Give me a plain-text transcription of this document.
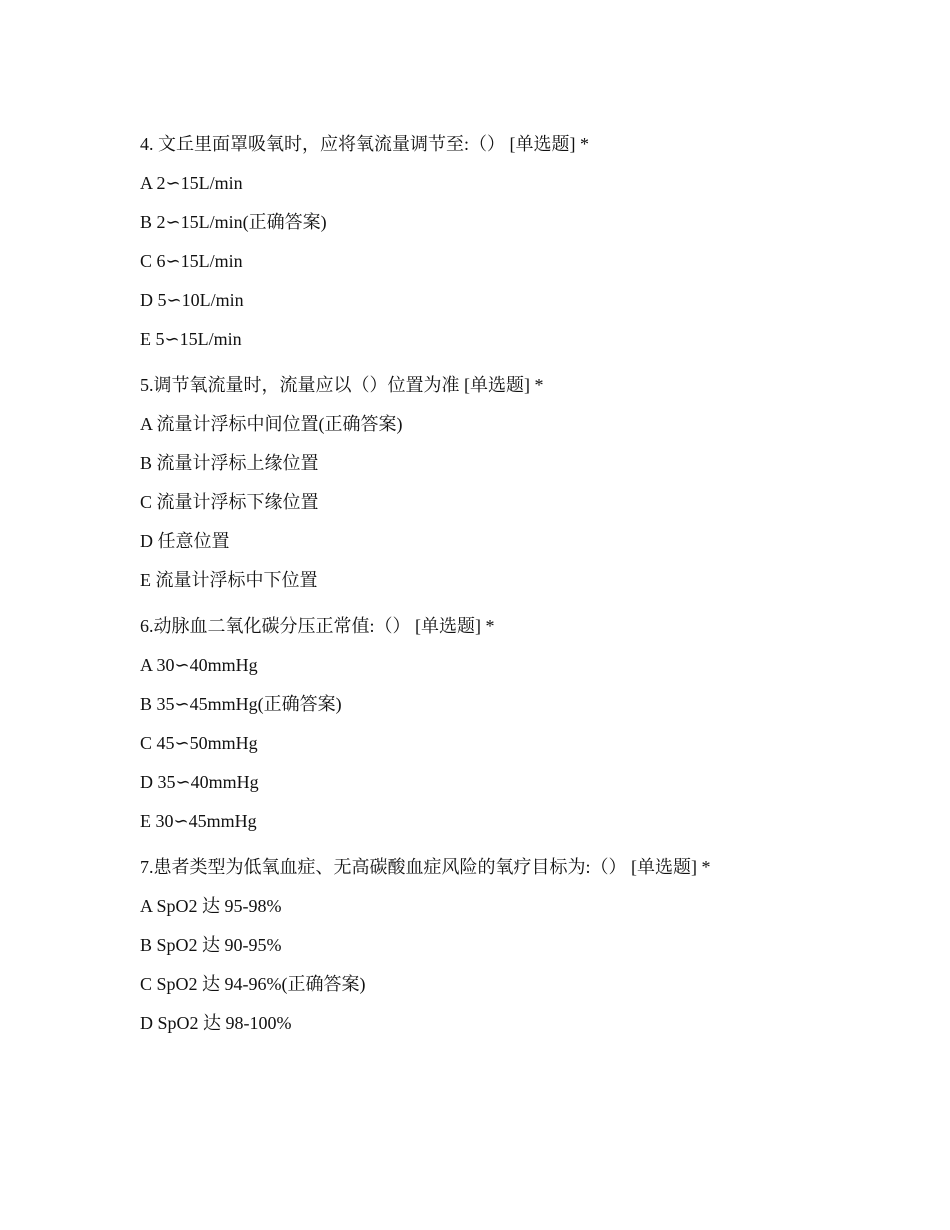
4. 文丘里面罩吸氧时，应将氧流量调节至:（） [单选题] *
A 2∽15L/min
B 2∽15L/min(正确答案)
C 6∽15L/min
D 5∽10L/min
E 5∽15L/min
5.调节氧流量时，流量应以（）位置为准 [单选题] *
A 流量计浮标中间位置(正确答案)
B 流量计浮标上缘位置
C 流量计浮标下缘位置
D 任意位置
E 流量计浮标中下位置
6.动脉血二氧化碳分压正常值:（） [单选题] *
A 30∽40mmHg
B 35∽45mmHg(正确答案)
C 45∽50mmHg
D 35∽40mmHg
E 30∽45mmHg
7.患者类型为低氧血症、无高碳酸血症风险的氧疗目标为:（） [单选题] *
A SpO2 达 95-98%
B SpO2 达 90-95%
C SpO2 达 94-96%(正确答案)
D SpO2 达 98-100%
